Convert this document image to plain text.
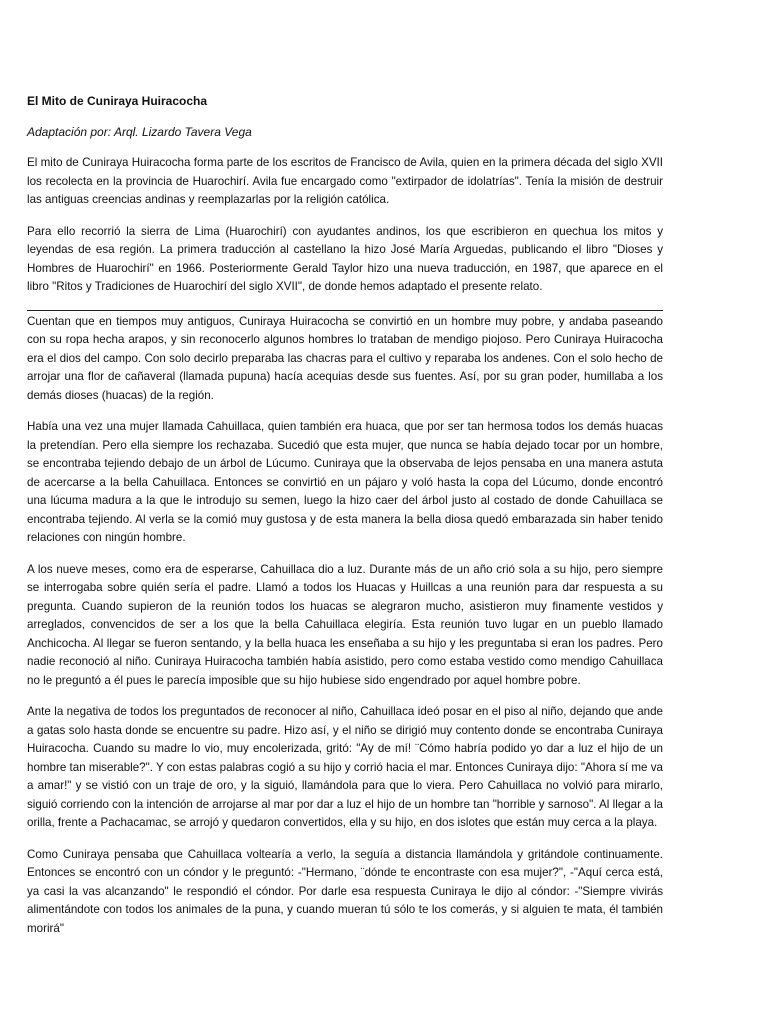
El Mito de Cuniraya Huiracocha
Adaptación por: Arql. Lizardo Tavera Vega

El mito de Cuniraya Huiracocha forma parte de los escritos de Francisco de Avila, quien en la primera década del siglo XVII los recolecta en la provincia de Huarochirí. Avila fue encargado como "extirpador de idolatrías". Tenía la misión de destruir las antiguas creencias andinas y reemplazarlas por la religión católica.

Para ello recorrió la sierra de Lima (Huarochirí) con ayudantes andinos, los que escribieron en quechua los mitos y leyendas de esa región. La primera traducción al castellano la hizo José María Arguedas, publicando el libro "Dioses y Hombres de Huarochirí" en 1966. Posteriormente Gerald Taylor hizo una nueva traducción, en 1987, que aparece en el libro "Ritos y Tradiciones de Huarochirí del siglo XVII", de donde hemos adaptado el presente relato.

Cuentan que en tiempos muy antiguos, Cuniraya Huiracocha se convirtió en un hombre muy pobre, y andaba paseando con su ropa hecha arapos, y sin reconocerlo algunos hombres lo trataban de mendigo piojoso. Pero Cuniraya Huiracocha era el dios del campo. Con solo decirlo preparaba las chacras para el cultivo y reparaba los andenes. Con el solo hecho de arrojar una flor de cañaveral (llamada pupuna) hacía acequias desde sus fuentes. Así, por su gran poder, humillaba a los demás dioses (huacas) de la región.

Había una vez una mujer llamada Cahuillaca, quien también era huaca, que por ser tan hermosa todos los demás huacas la pretendían. Pero ella siempre los rechazaba. Sucedió que esta mujer, que nunca se había dejado tocar por un hombre, se encontraba tejiendo debajo de un árbol de Lúcumo. Cuniraya que la observaba de lejos pensaba en una manera astuta de acercarse a la bella Cahuillaca. Entonces se convirtió en un pájaro y voló hasta la copa del Lúcumo, donde encontró una lúcuma madura a la que le introdujo su semen, luego la hizo caer del árbol justo al costado de donde Cahuillaca se encontraba tejiendo. Al verla se la comió muy gustosa y de esta manera la bella diosa quedó embarazada sin haber tenido relaciones con ningún hombre.

A los nueve meses, como era de esperarse, Cahuillaca dio a luz. Durante más de un año crió sola a su hijo, pero siempre se interrogaba sobre quién sería el padre. Llamó a todos los Huacas y Huillcas a una reunión para dar respuesta a su pregunta. Cuando supieron de la reunión todos los huacas se alegraron mucho, asistieron muy finamente vestidos y arreglados, convencidos de ser a los que la bella Cahuillaca elegiría. Esta reunión tuvo lugar en un pueblo llamado Anchicocha. Al llegar se fueron sentando, y la bella huaca les enseñaba a su hijo y les preguntaba si eran los padres. Pero nadie reconoció al niño. Cuniraya Huiracocha también había asistido, pero como estaba vestido como mendigo Cahuillaca no le preguntó a él pues le parecía imposible que su hijo hubiese sido engendrado por aquel hombre pobre.

Ante la negativa de todos los preguntados de reconocer al niño, Cahuillaca ideó posar en el piso al niño, dejando que ande a gatas solo hasta donde se encuentre su padre. Hizo así, y el niño se dirigió muy contento donde se encontraba Cuniraya Huiracocha. Cuando su madre lo vio, muy encolerizada, gritó: "Ay de mí! ¨Cómo habría podido yo dar a luz el hijo de un hombre tan miserable?". Y con estas palabras cogió a su hijo y corrió hacia el mar. Entonces Cuniraya dijo: "Ahora sí me va a amar!" y se vistió con un traje de oro, y la siguió, llamándola para que lo viera. Pero Cahuillaca no volvió para mirarlo, siguió corriendo con la intención de arrojarse al mar por dar a luz el hijo de un hombre tan "horrible y sarnoso". Al llegar a la orilla, frente a Pachacamac, se arrojó y quedaron convertidos, ella y su hijo, en dos islotes que están muy cerca a la playa.

Como Cuniraya pensaba que Cahuillaca voltearía a verlo, la seguía a distancia llamándola y gritándole continuamente. Entonces se encontró con un cóndor y le preguntó: -"Hermano, ¨dónde te encontraste con esa mujer?", -"Aquí cerca está, ya casi la vas alcanzando" le respondió el cóndor. Por darle esa respuesta Cuniraya le dijo al cóndor: -"Siempre vivirás alimentándote con todos los animales de la puna, y cuando mueran tú sólo te los comerás, y si alguien te mata, él también morirá"
